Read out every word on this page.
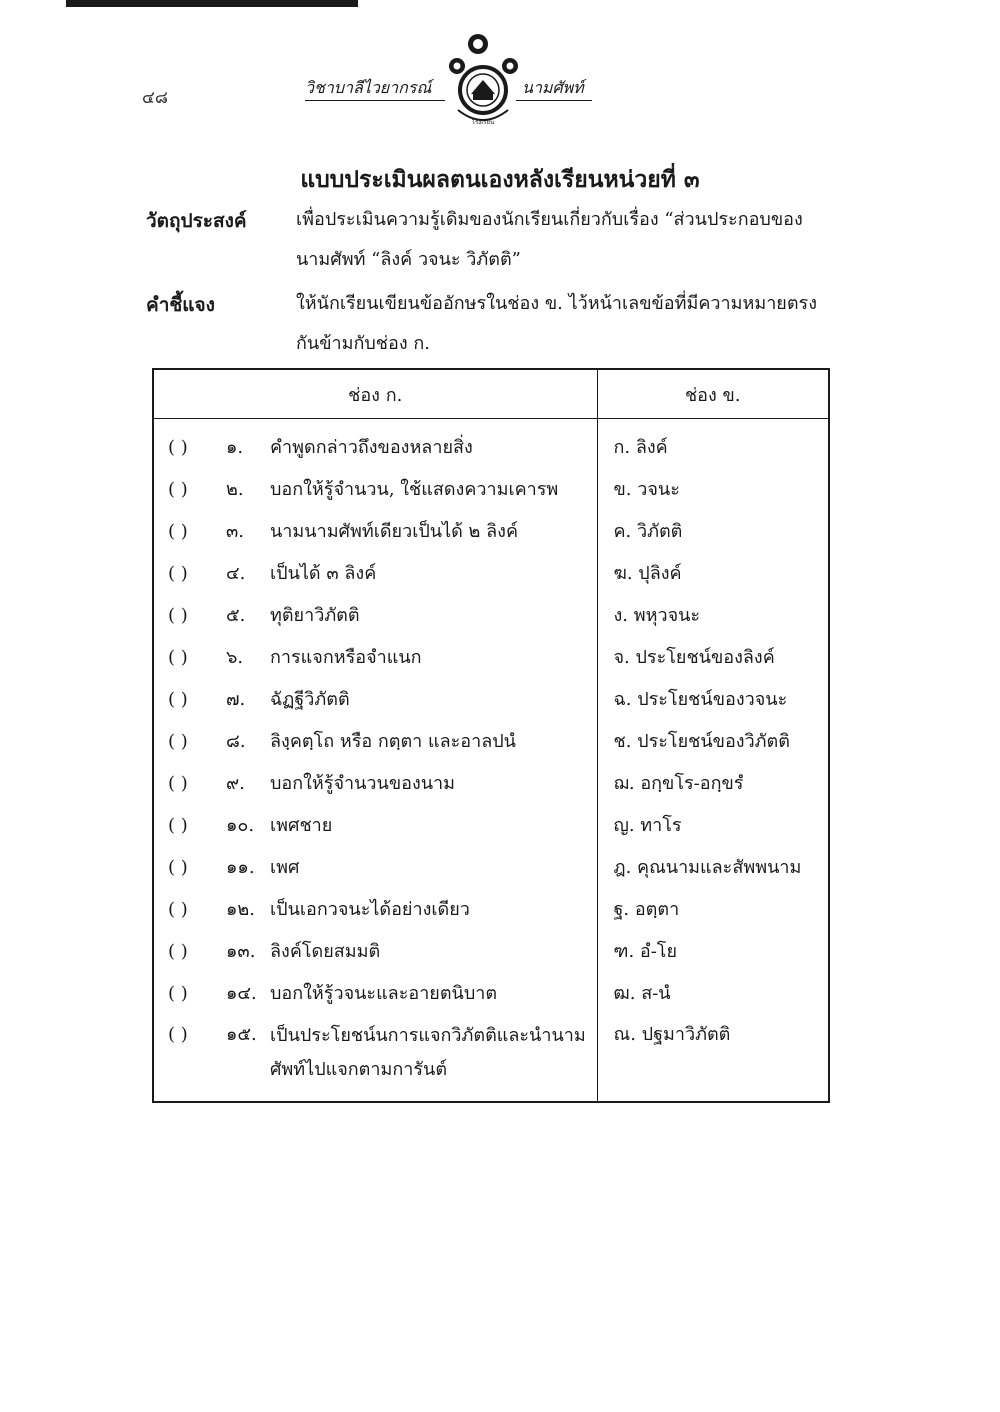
๔๘
วิชาบาลีไวยากรณ์	นามศัพท์
โรงเรียน
แบบประเมินผลตนเองหลังเรียนหน่วยที่ ๓
วัตถุประสงค์	เพื่อประเมินความรู้เดิมของนักเรียนเกี่ยวกับเรื่อง “ส่วนประกอบของนามศัพท์ “ลิงค์ วจนะ วิภัตติ”
คำชี้แจง	ให้นักเรียนเขียนข้ออักษรในช่อง ข. ไว้หน้าเลขข้อที่มีความหมายตรงกันข้ามกับช่อง ก.
ช่อง ก.	ช่อง ข.
( ) ๑. คำพูดกล่าวถึงของหลายสิ่ง	ก. ลิงค์
( ) ๒. บอกให้รู้จำนวน, ใช้แสดงความเคารพ	ข. วจนะ
( ) ๓. นามนามศัพท์เดียวเป็นได้ ๒ ลิงค์	ค. วิภัตติ
( ) ๔. เป็นได้ ๓ ลิงค์	ฆ. ปุลิงค์
( ) ๕. ทุติยาวิภัตติ	ง. พหุวจนะ
( ) ๖. การแจกหรือจำแนก	จ. ประโยชน์ของลิงค์
( ) ๗. ฉัฏฐีวิภัตติ	ฉ. ประโยชน์ของวจนะ
( ) ๘. ลิงฺคตฺโถ หรือ กตฺตา และอาลปนํ	ช. ประโยชน์ของวิภัตติ
( ) ๙. บอกให้รู้จำนวนของนาม	ฌ. อกฺขโร-อกฺขรํ
( ) ๑๐. เพศชาย	ญ. ทาโร
( ) ๑๑. เพศ	ฎ. คุณนามและสัพพนาม
( ) ๑๒. เป็นเอกวจนะได้อย่างเดียว	ฐ. อตฺตา
( ) ๑๓. ลิงค์โดยสมมติ	ฑ. อํ-โย
( ) ๑๔. บอกให้รู้วจนะและอายตนิบาต	ฒ. ส-นํ
( ) ๑๕. เป็นประโยชน์นการแจกวิภัตติและนำนามศัพท์ไปแจกตามการันต์	ณ. ปฐมาวิภัตติ
